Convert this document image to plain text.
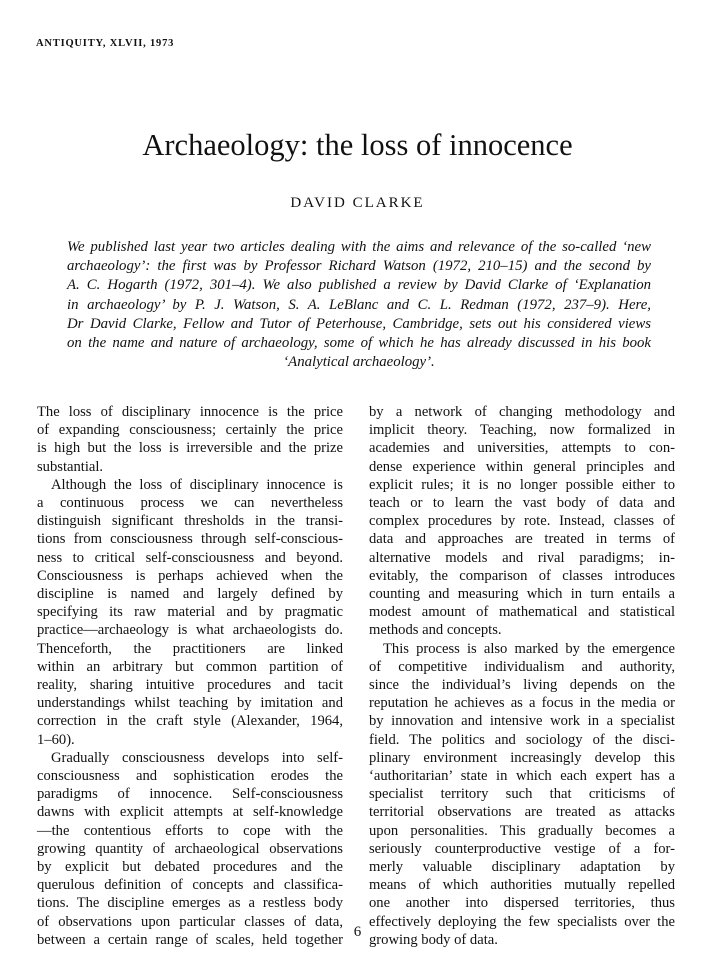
ANTIQUITY, XLVII, 1973
Archaeology: the loss of innocence
DAVID CLARKE
We published last year two articles dealing with the aims and relevance of the so-called ‘new
archaeology’: the first was by Professor Richard Watson (1972, 210–15) and the second by
A. C. Hogarth (1972, 301–4). We also published a review by David Clarke of ‘Explanation
in archaeology’ by P. J. Watson, S. A. LeBlanc and C. L. Redman (1972, 237–9). Here,
Dr David Clarke, Fellow and Tutor of Peterhouse, Cambridge, sets out his considered views
on the name and nature of archaeology, some of which he has already discussed in his book
‘Analytical archaeology’.
The loss of disciplinary innocence is the price
of expanding consciousness; certainly the price
is high but the loss is irreversible and the prize
substantial.
Although the loss of disciplinary innocence is
a continuous process we can nevertheless
distinguish significant thresholds in the transi-
tions from consciousness through self-conscious-
ness to critical self-consciousness and beyond.
Consciousness is perhaps achieved when the
discipline is named and largely defined by
specifying its raw material and by pragmatic
practice—archaeology is what archaeologists do.
Thenceforth, the practitioners are linked
within an arbitrary but common partition of
reality, sharing intuitive procedures and tacit
understandings whilst teaching by imitation and
correction in the craft style (Alexander, 1964,
1–60).
Gradually consciousness develops into self-
consciousness and sophistication erodes the
paradigms of innocence. Self-consciousness
dawns with explicit attempts at self-knowledge
—the contentious efforts to cope with the
growing quantity of archaeological observations
by explicit but debated procedures and the
querulous definition of concepts and classifica-
tions. The discipline emerges as a restless body
of observations upon particular classes of data,
between a certain range of scales, held together
by a network of changing methodology and
implicit theory. Teaching, now formalized in
academies and universities, attempts to con-
dense experience within general principles and
explicit rules; it is no longer possible either to
teach or to learn the vast body of data and
complex procedures by rote. Instead, classes of
data and approaches are treated in terms of
alternative models and rival paradigms; in-
evitably, the comparison of classes introduces
counting and measuring which in turn entails a
modest amount of mathematical and statistical
methods and concepts.
This process is also marked by the emergence
of competitive individualism and authority,
since the individual’s living depends on the
reputation he achieves as a focus in the media or
by innovation and intensive work in a specialist
field. The politics and sociology of the disci-
plinary environment increasingly develop this
‘authoritarian’ state in which each expert has a
specialist territory such that criticisms of
territorial observations are treated as attacks
upon personalities. This gradually becomes a
seriously counterproductive vestige of a for-
merly valuable disciplinary adaptation by
means of which authorities mutually repelled
one another into dispersed territories, thus
effectively deploying the few specialists over the
growing body of data.
6
